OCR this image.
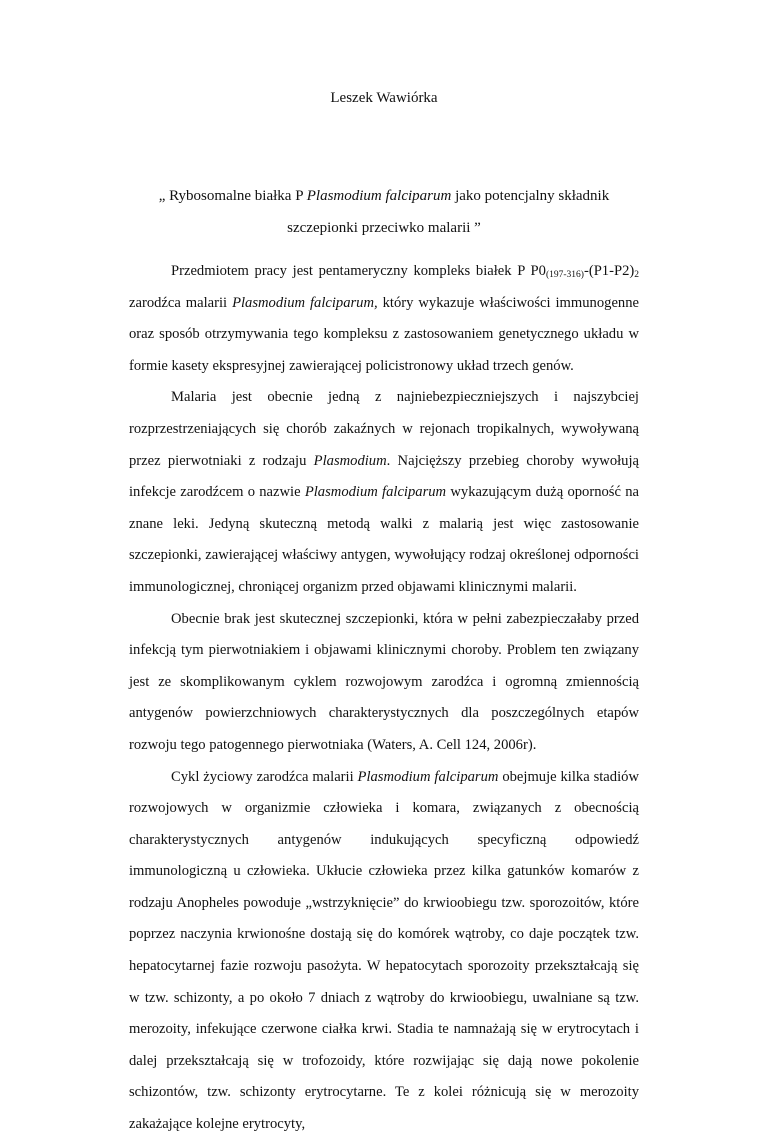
Leszek Wawiórka
„ Rybosomalne białka P Plasmodium falciparum jako potencjalny składnik szczepionki przeciwko malarii ”

Przedmiotem pracy jest pentameryczny kompleks białek P $P0_{(197-316)}-(P1-P2)_2$ zarodźca malarii Plasmodium falciparum, który wykazuje właściwości immunogenne oraz sposób otrzymywania tego kompleksu z zastosowaniem genetycznego układu w formie kasety ekspresyjnej zawierającej policistronowy układ trzech genów.

Malaria jest obecnie jedną z najniebezpieczniejszych i najszybciej rozprzestrzeniających się chorób zakaźnych w rejonach tropikalnych, wywoływaną przez pierwotniaki z rodzaju Plasmodium. Najcięższy przebieg choroby wywołują infekcje zarodźcem o nazwie Plasmodium falciparum wykazującym dużą oporność na znane leki. Jedyną skuteczną metodą walki z malarią jest więc zastosowanie szczepionki, zawierającej właściwy antygen, wywołujący rodzaj określonej odporności immunologicznej, chroniącej organizm przed objawami klinicznymi malarii.

Obecnie brak jest skutecznej szczepionki, która w pełni zabezpieczałaby przed infekcją tym pierwotniakiem i objawami klinicznymi choroby. Problem ten związany jest ze skomplikowanym cyklem rozwojowym zarodźca i ogromną zmiennością antygenów powierzchniowych charakterystycznych dla poszczególnych etapów rozwoju tego patogennego pierwotniaka (Waters, A. Cell 124, 2006r).

Cykl życiowy zarodźca malarii Plasmodium falciparum obejmuje kilka stadiów rozwojowych w organizmie człowieka i komara, związanych z obecnością charakterystycznych antygenów indukujących specyficzną odpowiedź immunologiczną u człowieka. Ukłucie człowieka przez kilka gatunków komarów z rodzaju Anopheles powoduje „wstrzyknięcie” do krwioobiegu tzw. sporozoitów, które poprzez naczynia krwionośne dostają się do komórek wątroby, co daje początek tzw. hepatocytarnej fazie rozwoju pasożyta. W hepatocytach sporozoity przekształcają się w tzw. schizonty, a po około 7 dniach z wątroby do krwioobiegu, uwalniane są tzw. merozoity, infekujące czerwone ciałka krwi. Stadia te namnażają się w erytrocytach i dalej przekształcają się w trofozoidy, które rozwijając się dają nowe pokolenie schizontów, tzw. schizonty erytrocytarne. Te z kolei różnicują się w merozoity zakażające kolejne erytrocyty,
